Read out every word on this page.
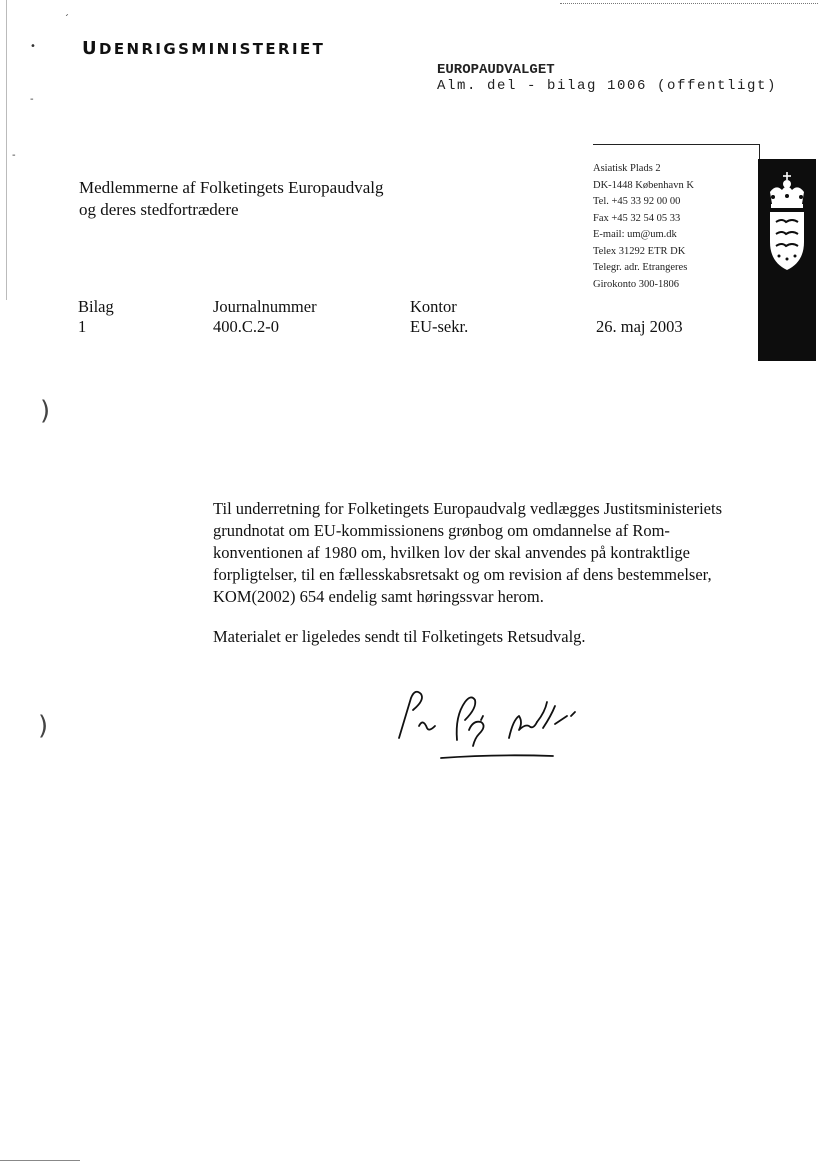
´
•
-
-
)
)
UDENRIGSMINISTERIET
EUROPAUDVALGET
Alm. del - bilag 1006 (offentligt)
Asiatisk Plads 2
DK-1448 København K
Tel. +45 33 92 00 00
Fax +45 32 54 05 33
E-mail: um@um.dk
Telex 31292 ETR DK
Telegr. adr. Etrangeres
Girokonto 300-1806
Medlemmerne af Folketingets Europaudvalg
og deres stedfortrædere
Bilag
1
Journalnummer
400.C.2-0
Kontor
EU-sekr.	26. maj 2003

Til underretning for Folketingets Europaudvalg vedlægges Justitsministeriets grundnotat om EU-kommissionens grønbog om omdannelse af Rom-konventionen af 1980 om, hvilken lov der skal anvendes på kontraktlige forpligtelser, til en fællesskabsretsakt og om revision af dens bestemmelser, KOM(2002) 654 endelig samt høringssvar herom.

Materialet er ligeledes sendt til Folketingets Retsudvalg.
